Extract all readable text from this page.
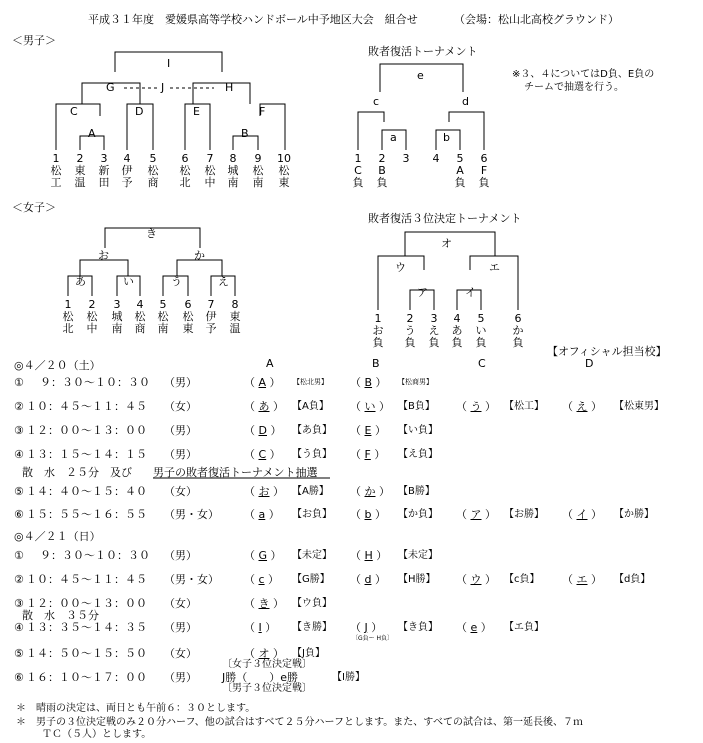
平成３１年度　愛媛県高等学校ハンドボール中予地区大会　組合せ	（会場：松山北高校グラウンド）
＜男子＞
I
G	J	H
C	D	E	F
A	B
1
松工
2
東温
3
新田
4
伊予
5
松商
6
松北
7
松中
8
城南
9
松南
10
松東
敗者復活トーナメント
e
c	d
a	b
1
C負
2
B負
3	4	5
A負
6
F負
※３、４についてはD負、E負の
チームで抽選を行う。
＜女子＞
き
お	か
あ	い	う	え
1
松北
2
松中
3
城南
4
松商
5
松南
6
松東
7
伊予
8
東温
敗者復活３位決定トーナメント
オ
ウ	エ
ア	イ
1
お負
2
う負
3
え負
4
あ負
5
い負
6
か負
【オフィシャル担当校】
A	B	C	D
◎４／２０（土）
① ９：３０～１０：３０ （男）	（ A ） 【松北男】 （ B ） 【松商男】
② １０：４５～１１：４５ （女）	（ あ ） 【A負】 （ い ） 【B負】 （ う ） 【松工】 （ え ） 【松東男】
③ １２：００～１３：００ （男）	（ D ） 【あ負】 （ E ） 【い負】
④ １３：１５～１４：１５ （男）	（ C ） 【う負】 （ F ） 【え負】
散　水　２５分　及び 男子の敗者復活トーナメント抽選
⑤ １４：４０～１５：４０ （女）	（ お ） 【A勝】 （ か ） 【B勝】
⑥ １５：５５～１６：５５ （男・女） （ a ） 【お負】 （ b ） 【か負】 （ ア ） 【お勝】 （ イ ） 【か勝】
◎４／２１（日）
① ９：３０～１０：３０ （男）	（ G ） 【未定】 （ H ） 【未定】
② １０：４５～１１：４５ （男・女） （ c ） 【G勝】 （ d ） 【H勝】 （ ウ ） 【c負】 （ エ ） 【d負】
③ １２：００～１３：００ （女）	（ き ） 【ウ負】
散　水　３５分
④ １３：３５～１４：３５ （男）	（ I ） 【き勝】 （ J ） 【き負】 （ e ） 【エ負】
〔G負ー H負〕
⑤ １４：５０～１５：５０ （女）	（ オ ） 【J負】
〔女子３位決定戦〕
⑥ １６：１０～１７：００ （男） J勝（　　）e勝	【I勝】
〔男子３位決定戦〕
＊　晴雨の決定は、両日とも午前６：３０とします。
＊　男子の３位決定戦のみ２０分ハーフ、他の試合はすべて２５分ハーフとします。また、すべての試合は、第一延長後、７ｍ
ＴＣ（５人）とします。
